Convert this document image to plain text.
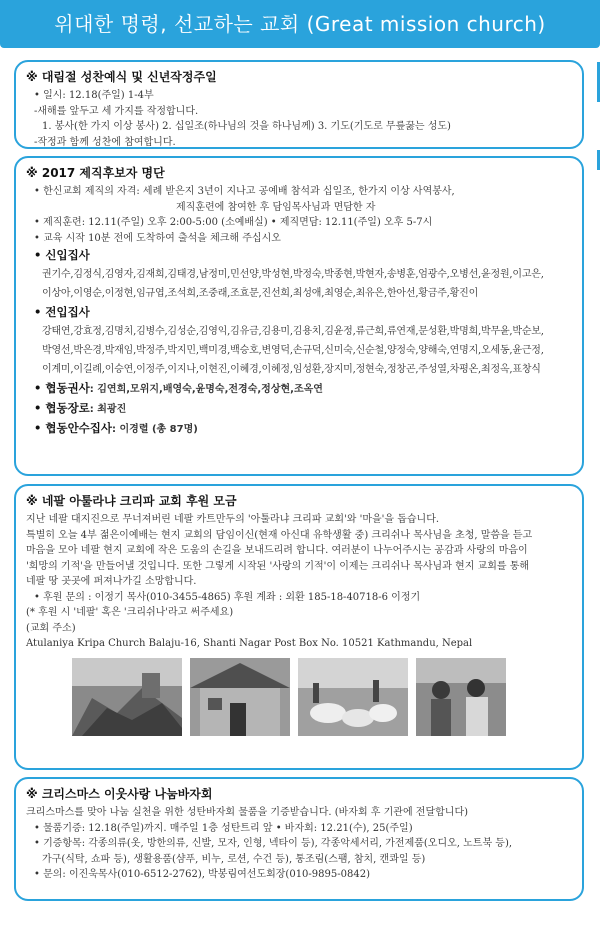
위대한 명령, 선교하는 교회 (Great mission church)
※ 대림절 성찬예식 및 신년작정주일
• 일시: 12.18(주일) 1-4부
-새해를 앞두고 세 가지를 작정합니다.
1. 봉사(한 가지 이상 봉사) 2. 십일조(하나님의 것을 하나님께) 3. 기도(기도로 무릎꿇는 성도)
-작정과 함께 성찬에 참여합니다.
※ 2017 제직후보자 명단
• 한신교회 제직의 자격: 세례 받은지 3년이 지나고 공예배 참석과 십일조, 한가지 이상 사역봉사,
제직훈련에 참여한 후 담임목사님과 면담한 자
• 제직훈련: 12.11(주일) 오후 2:00-5:00 (소예배실) • 제직면담: 12.11(주일) 오후 5-7시
• 교육 시작 10분 전에 도착하여 출석을 체크해 주십시오
• 신입집사
권기수,김정식,김영자,김재희,김태경,남정미,민선양,박성현,박정숙,박종현,박현자,송병훈,엄광수,오병선,윤정원,이고은,
이상아,이영순,이정현,임규엽,조석희,조중래,조효문,진선희,최성애,최영순,최유은,한아선,황금주,황진이
• 전입집사
강태연,강효정,김명치,김병수,김성순,김영익,김유금,김용미,김용치,김윤정,류근희,류연재,문성환,박명희,박무윤,박순보,
박영선,박은경,박재임,박정주,박지민,백미경,백승호,변영덕,손규덕,신미숙,신순철,양정숙,양해숙,연명지,오세동,윤근정,
이계미,이길례,이승연,이정주,이지나,이현진,이혜경,이혜정,임성환,장지미,정현숙,정창곤,주성열,차평온,최정옥,표창식
• 협동권사: 김연희,모위지,배영숙,윤명숙,전경숙,정상현,조옥연
• 협동장로: 최광진
• 협동안수집사: 이경렬 (총 87명)
※ 네팔 아툴라냐 크리파 교회 후원 모금
지난 네팔 대지진으로 무너져버린 네팔 카트만두의 '아툴라냐 크리파 교회'와 '마을'을 돕습니다.
특별히 오늘 4부 젊은이예배는 현지 교회의 담임이신(현재 아신대 유학생활 중) 크리쉬나 목사님을 초청, 말씀을 듣고
마음을 모아 네팔 현지 교회에 작은 도움의 손길을 보내드리려 합니다. 여러분이 나누어주시는 공감과 사랑의 마음이
'희망의 기적'을 만들어낼 것입니다. 또한 그렇게 시작된 '사랑의 기적'이 이제는 크리쉬나 목사님과 현지 교회를 통해
네팔 땅 곳곳에 퍼져나가길 소망합니다.
• 후원 문의 : 이정기 목사(010-3455-4865) 후원 계좌 : 외환 185-18-40718-6 이정기
(* 후원 시 '네팔' 혹은 '크리쉬나'라고 써주세요)
(교회 주소)
Atulaniya Kripa Church Balaju-16, Shanti Nagar Post Box No. 10521 Kathmandu, Nepal
※ 크리스마스 이웃사랑 나눔바자회
크리스마스를 맞아 나눔 실천을 위한 성탄바자회 물품을 기증받습니다. (바자회 후 기관에 전달합니다)
• 물품기증: 12.18(주일)까지. 매주일 1층 성탄트리 앞 • 바자회: 12.21(수), 25(주일)
• 기증항목: 각종의류(옷, 방한의류, 신발, 모자, 인형, 넥타이 등), 각종악세서리, 가전제품(오디오, 노트북 등),
가구(식탁, 쇼파 등), 생활용품(샴푸, 비누, 로션, 수건 등), 통조림(스팸, 참치, 캔콰일 등)
• 문의: 이진욱목사(010-6512-2762), 박봉림여선도회장(010-9895-0842)
